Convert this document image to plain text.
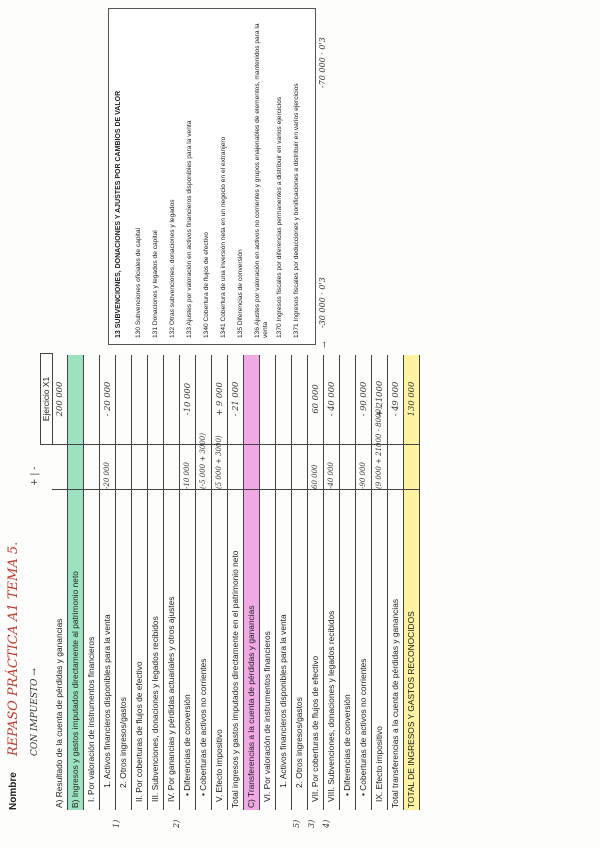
Nombre
REPASO PRÁCTICA A1 TEMA 5. CON IMPUESTO →
+ | -
Ejercicio X1
A) Resultado de la cuenta de pérdidas y ganancias
200 000
B) Ingresos y gastos imputados directamente al patrimonio neto I. Por valoración de instrumentos financieros 1. Activos financieros disponibles para la venta
-20 000
- 20 000
2. Otros ingresos/gastos II. Por coberturas de flujos de efectivo III. Subvenciones, donaciones y legados recibidos IV. Por ganancias y pérdidas actuariales y otros ajustes • Diferencias de conversión
-10 000
-10 000
• Coberturas de activos no corrientes
(-5 000 + 3000)
V. Efecto impositivo
(5 000 + 3000)
+ 9 000
Total ingresos y gastos imputados directamente en el patrimonio neto
- 21 000
C) Transferencias a la cuenta de pérdidas y ganancias VI. Por valoración de instrumentos financieros 1. Activos financieros disponibles para la venta 2. Otros ingresos/gastos VII. Por coberturas de flujos de efectivo
60 000
60 000
VIII. Subvenciones, donaciones y legados recibidos
-40 000
- 40 000
• Diferencias de conversión • Coberturas de activos no corrientes
-90 000
- 90 000
IX. Efecto impositivo
(9 000 + 21000 - 8000)
+ 21000
Total transferencias a la cuenta de pérdidas y ganancias
- 49 000
TOTAL DE INGRESOS Y GASTOS RECONOCIDOS
130 000
1)	2)	5) 3) 4)
13 SUBVENCIONES, DONACIONES Y AJUSTES POR CAMBIOS DE VALOR 130 Subvenciones oficiales de capital 131 Donaciones y legados de capital 132 Otras subvenciones, donaciones y legados 133 Ajustes por valoración en activos financieros disponibles para la venta 1340 Cobertura de flujos de efectivo 1341 Cobertura de una inversión neta en un negocio en el extranjero 135 Diferencias de conversión 136 Ajustes por valoración en activos no corrientes y grupos enajenables de elementos, mantenidos para la venta 1370 Ingresos fiscales por diferencias permanentes a distribuir en varios ejercicios 1371 Ingresos fiscales por deducciones y bonificaciones a distribuir en varios ejercicios -30 000 · 0'3
-70 000 · 0'3
→
